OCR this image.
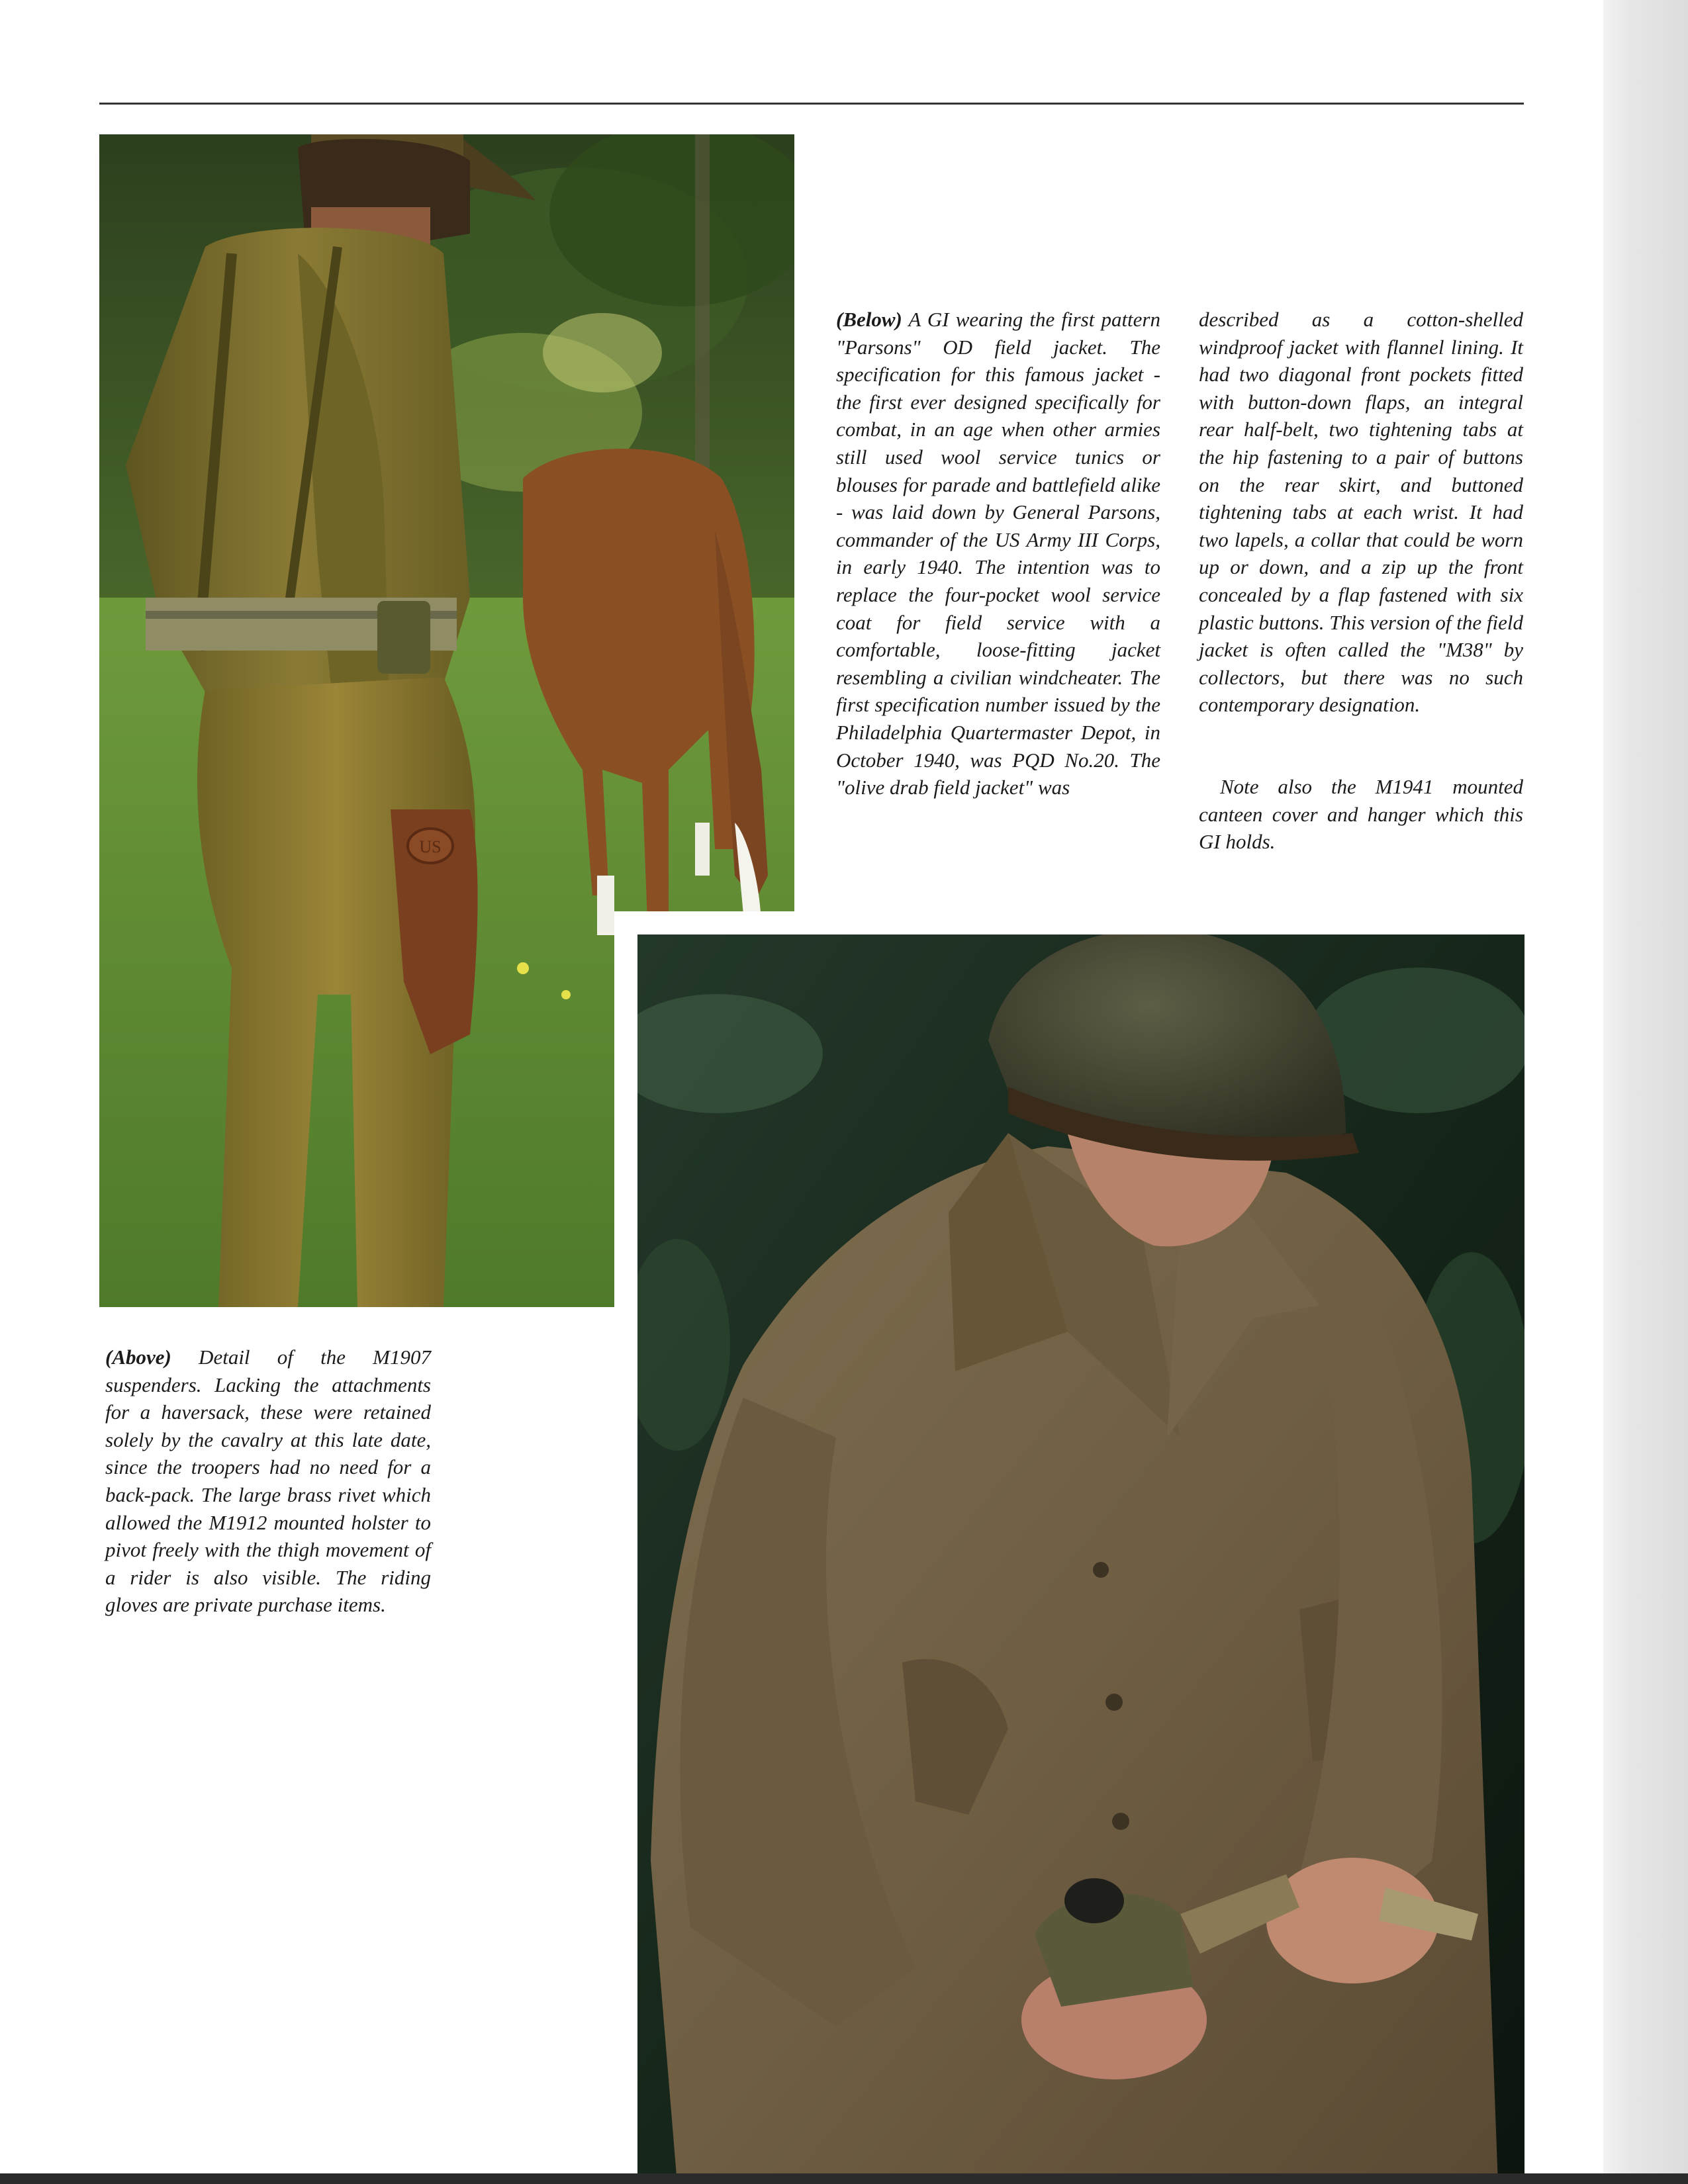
US
(Below) A GI wearing the first pattern "Parsons" OD field jacket. The specification for this famous jacket - the first ever designed specifically for combat, in an age when other armies still used wool service tunics or blouses for parade and battlefield alike - was laid down by General Parsons, commander of the US Army III Corps, in early 1940. The intention was to replace the four-pocket wool service coat for field service with a comfortable, loose-fitting jacket resembling a civilian windcheater. The first specification number issued by the Philadelphia Quartermaster Depot, in October 1940, was PQD No.20. The "olive drab field jacket" was
described as a cotton-shelled windproof jacket with flannel lining. It had two diagonal front pockets fitted with button-down flaps, an integral rear half-belt, two tightening tabs at the hip fastening to a pair of buttons on the rear skirt, and buttoned tightening tabs at each wrist. It had two lapels, a collar that could be worn up or down, and a zip up the front concealed by a flap fastened with six plastic buttons. This version of the field jacket is often called the "M38" by collectors, but there was no such contemporary designation.
Note also the M1941 mounted canteen cover and hanger which this GI holds.
(Above) Detail of the M1907 suspenders. Lacking the attachments for a haversack, these were retained solely by the cavalry at this late date, since the troopers had no need for a back-pack. The large brass rivet which allowed the M1912 mounted holster to pivot freely with the thigh movement of a rider is also visible. The riding gloves are private purchase items.
